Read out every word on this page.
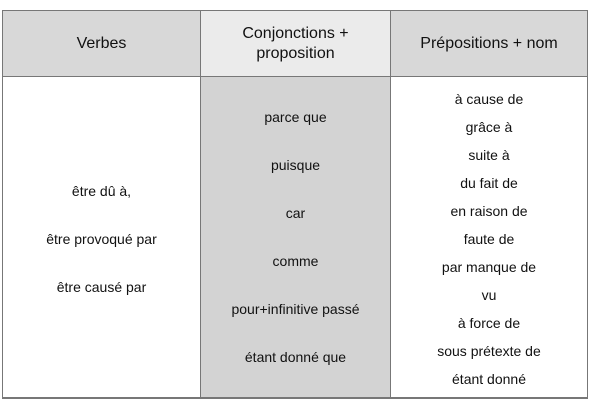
Verbes
Conjonctions +
proposition
Prépositions + nom
être dû à,
être provoqué par
être causé par
parce que
puisque
car
comme
pour+infinitive passé
étant donné que
à cause de
grâce à
suite à
du fait de
en raison de
faute de
par manque de
vu
à force de
sous prétexte de
étant donné
